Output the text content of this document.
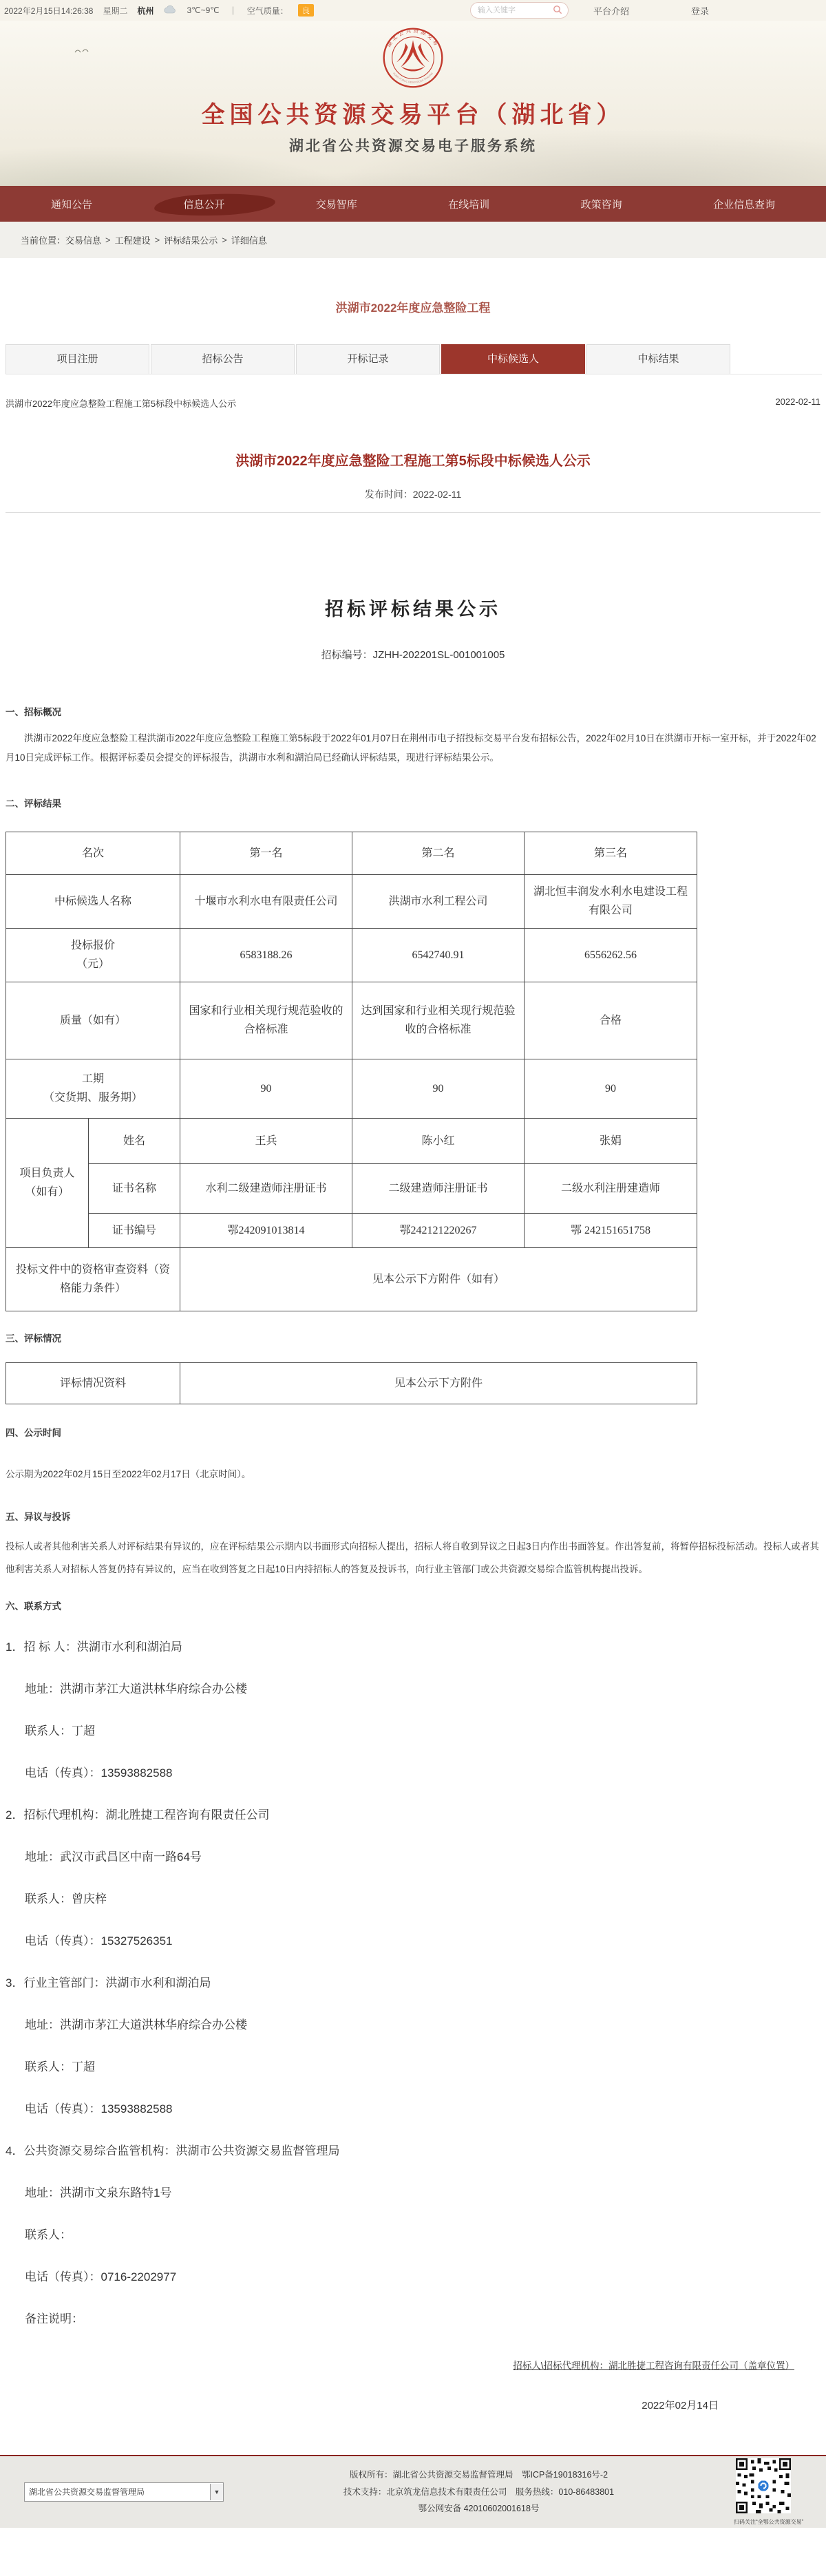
2022年2月15日14:26:38 星期二 杭州	3℃~9℃ ｜ 空气质量：	良
输入关键字	平台介绍	登录
湖北公共资源交易
HUBEI PUBLIC RESOURCES TRADING
全国公共资源交易平台（湖北省）
湖北省公共资源交易电子服务系统
通知公告	信息公开	交易智库	在线培训	政策咨询	企业信息查询
当前位置： 交易信息 > 工程建设 > 评标结果公示 > 详细信息
洪湖市2022年度应急整险工程
项目注册	招标公告	开标记录	中标候选人	中标结果
洪湖市2022年度应急整险工程施工第5标段中标候选人公示	2022-02-11
洪湖市2022年度应急整险工程施工第5标段中标候选人公示
发布时间：2022-02-11
招标评标结果公示
招标编号：JZHH-202201SL-001001005
一、招标概况
洪湖市2022年度应急整险工程洪湖市2022年度应急整险工程施工第5标段于2022年01月07日在荆州市电子招投标交易平台发布招标公告，2022年02月10日在洪湖市开标一室开标，并于2022年02月10日完成评标工作。根据评标委员会提交的评标报告，洪湖市水利和湖泊局已经确认评标结果，现进行评标结果公示。
二、评标结果
名次		第一名	第二名	第三名
中标候选人名称		十堰市水利水电有限责任公司	洪湖市水利工程公司	湖北恒丰润发水利水电建设工程有限公司
投标报价
（元）		6583188.26	6542740.91	6556262.56
质量（如有）		国家和行业相关现行规范验收的合格标准	达到国家和行业相关现行规范验收的合格标准	合格
工期
（交货期、服务期）		90	90	90
项目负责人（如有）	姓名	王兵	陈小红	张娟
	证书名称	水利二级建造师注册证书	二级建造师注册证书	二级水利注册建造师
	证书编号	鄂242091013814	鄂242121220267	鄂 242151651758
投标文件中的资格审查资料（资格能力条件）		见本公示下方附件（如有）		
三、评标情况
评标情况资料	见本公示下方附件
四、公示时间
公示期为2022年02月15日至2022年02月17日（北京时间）。
五、异议与投诉
投标人或者其他利害关系人对评标结果有异议的，应在评标结果公示期内以书面形式向招标人提出，招标人将自收到异议之日起3日内作出书面答复。作出答复前，将暂停招标投标活动。投标人或者其他利害关系人对招标人答复仍持有异议的，应当在收到答复之日起10日内持招标人的答复及投诉书，向行业主管部门或公共资源交易综合监管机构提出投诉。
六、联系方式
1．招 标 人：洪湖市水利和湖泊局
地址：洪湖市茅江大道洪林华府综合办公楼
联系人：丁超
电话（传真）：13593882588
2．招标代理机构：湖北胜捷工程咨询有限责任公司
地址：武汉市武昌区中南一路64号
联系人：曾庆梓
电话（传真）：15327526351
3．行业主管部门：洪湖市水利和湖泊局
地址：洪湖市茅江大道洪林华府综合办公楼
联系人：丁超
电话（传真）：13593882588
4．公共资源交易综合监管机构：洪湖市公共资源交易监督管理局
地址：洪湖市文泉东路特1号
联系人：
电话（传真）：0716-2202977
备注说明：
招标人\招标代理机构：湖北胜捷工程咨询有限责任公司（盖章位置）
2022年02月14日
湖北省公共资源交易监督管理局	▼
版权所有：湖北省公共资源交易监督管理局　鄂ICP备19018316号-2
技术支持：北京筑龙信息技术有限责任公司　服务热线：010-86483801
鄂公网安备 42010602001618号
扫码关注“全鄂公共资源交易”
